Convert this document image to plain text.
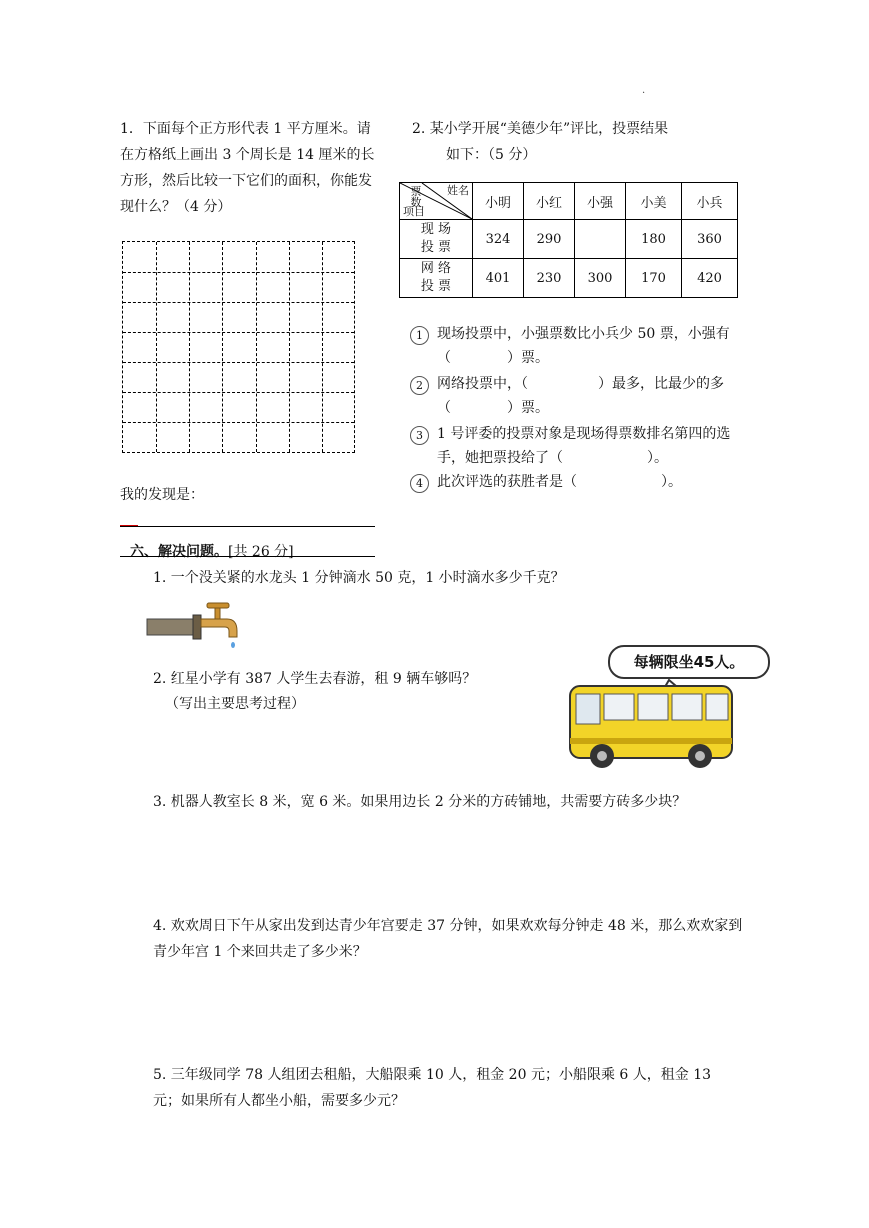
.
1．下面每个正方形代表 1 平方厘米。请在方格纸上画出 3 个周长是 14 厘米的长方形，然后比较一下它们的面积，你能发现什么？（4 分）
我的发现是：
2. 某小学开展“美德少年”评比，投票结果
如下：（5 分）
姓名
票数
项目	小明	小红	小强	小美	小兵

现 场 投 票	324	290		180	360

网 络 投 票	401	230	300	170	420
1	现场投票中，小强票数比小兵少 50 票，小强有（　　　　）票。
2	网络投票中，（　　　　　）最多，比最少的多（　　　　）票。
3	1 号评委的投票对象是现场得票数排名第四的选手，她把票投给了（　　　　　　）。
4	此次评选的获胜者是（　　　　　　）。
六、解决问题。[共 26 分]
1. 一个没关紧的水龙头 1 分钟滴水 50 克，1 小时滴水多少千克？
2. 红星小学有 387 人学生去春游，租 9 辆车够吗？
（写出主要思考过程）
每辆限坐45人。
3. 机器人教室长 8 米，宽 6 米。如果用边长 2 分米的方砖铺地，共需要方砖多少块？
4. 欢欢周日下午从家出发到达青少年宫要走 37 分钟，如果欢欢每分钟走 48 米，那么欢欢家到青少年宫 1 个来回共走了多少米？
5. 三年级同学 78 人组团去租船，大船限乘 10 人，租金 20 元；小船限乘 6 人，租金 13 元；如果所有人都坐小船，需要多少元？
